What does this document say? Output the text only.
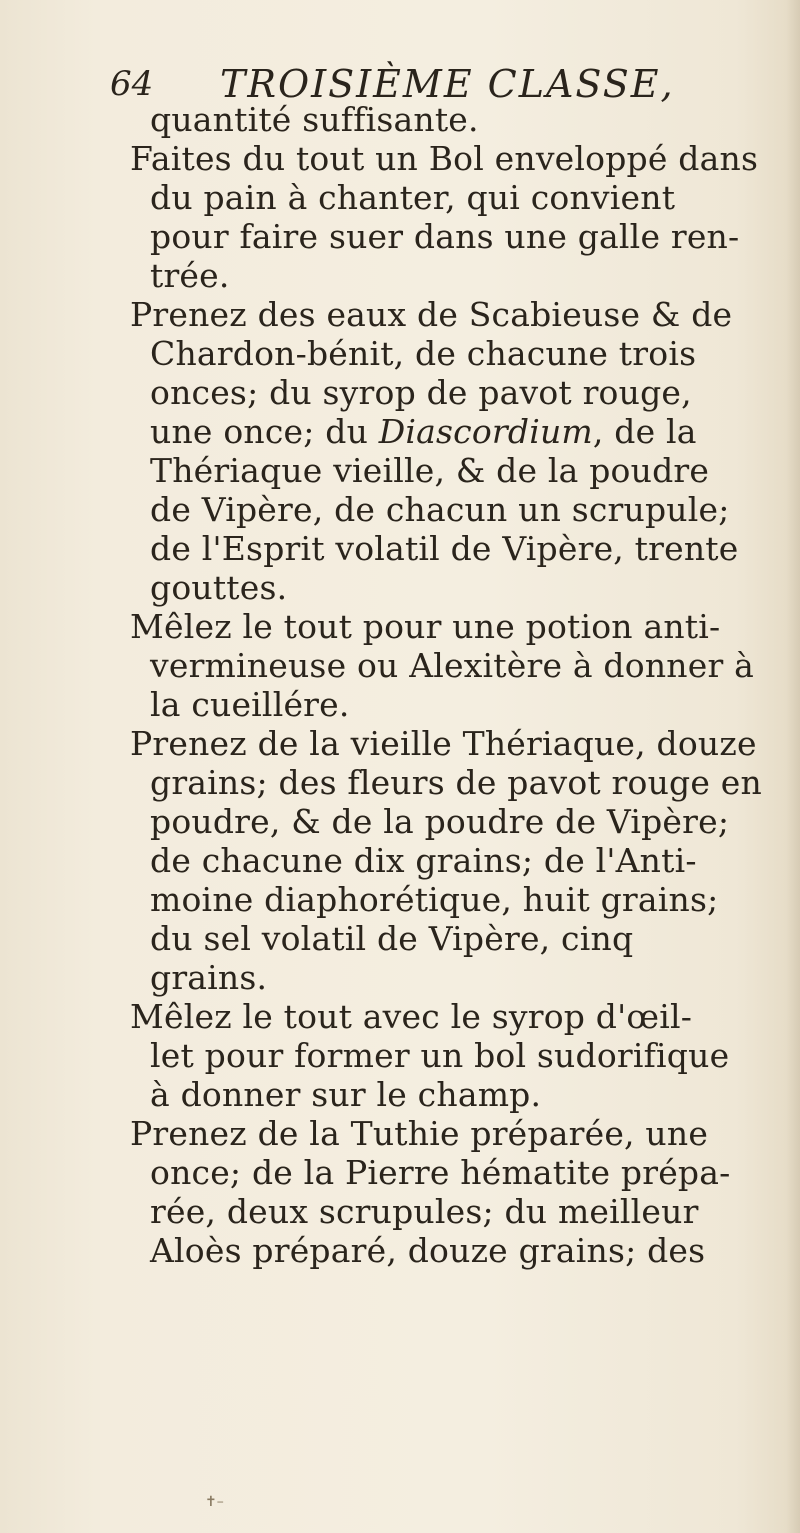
64 TROISIÈME CLASSE,
quantité suffisante.
Faites du tout un Bol enveloppé dans
du pain à chanter, qui convient
pour faire suer dans une galle ren-
trée.
Prenez des eaux de Scabieuse & de
Chardon-bénit, de chacune trois
onces; du syrop de pavot rouge,
une once; du Diascordium, de la
Thériaque vieille, & de la poudre
de Vipère, de chacun un scrupule;
de l'Esprit volatil de Vipère, trente
gouttes.
Mêlez le tout pour une potion anti-
vermineuse ou Alexitère à donner à
la cueillére.
Prenez de la vieille Thériaque, douze
grains; des fleurs de pavot rouge en
poudre, & de la poudre de Vipère;
de chacune dix grains; de l'Anti-
moine diaphorétique, huit grains;
du sel volatil de Vipère, cinq
grains.
Mêlez le tout avec le syrop d'œil-
let pour former un bol sudorifique
à donner sur le champ.
Prenez de la Tuthie préparée, une
once; de la Pierre hématite prépa-
rée, deux scrupules; du meilleur
Aloès préparé, douze grains; des
✝–
